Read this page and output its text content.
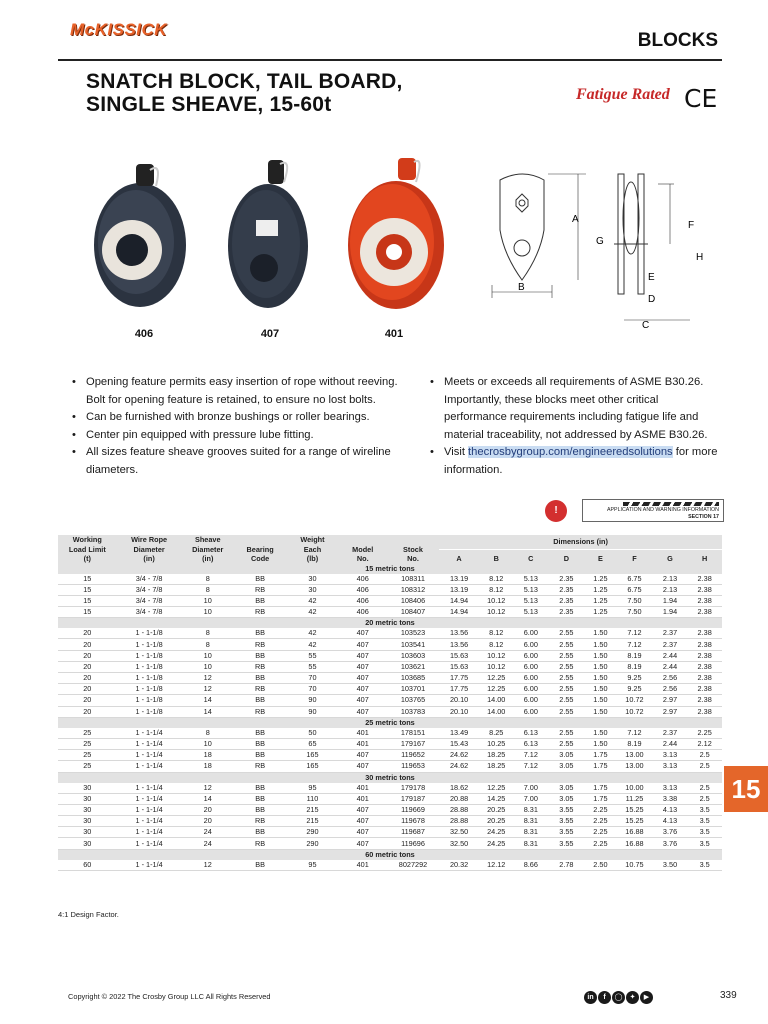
McKISSICK
BLOCKS
SNATCH BLOCK, TAIL BOARD,
SINGLE SHEAVE, 15-60t	Fatigue Rated CE
406	407	401
A
B
F
G
H
E
D
C
• Opening feature permits easy insertion of rope without reeving. Bolt for opening feature is retained, to ensure no lost bolts.
• Can be furnished with bronze bushings or roller bearings.
• Center pin equipped with pressure lube fitting.
• All sizes feature sheave grooves suited for a range of wireline diameters.
• Meets or exceeds all requirements of ASME B30.26. Importantly, these blocks meet other critical performance requirements including fatigue life and material traceability, not addressed by ASME B30.26.
• Visit thecrosbygroup.com/engineeredsolutions for more information.
!	APPLICATION AND WARNING INFORMATION
SECTION 17
Working
Load Limit
(t)	Wire Rope
Diameter
(in)	Sheave
Diameter
(in)	Bearing
Code	Weight
Each
(lb)	Model
No.	Stock
No.	Dimensions (in)							
							A	B	C	D	E	F	G	H
15 metric tons														
15	3/4 - 7/8	8	BB	30	406	108311	13.19	8.12	5.13	2.35	1.25	6.75	2.13	2.38
15	3/4 - 7/8	8	RB	30	406	108312	13.19	8.12	5.13	2.35	1.25	6.75	2.13	2.38
15	3/4 - 7/8	10	BB	42	406	108406	14.94	10.12	5.13	2.35	1.25	7.50	1.94	2.38
15	3/4 - 7/8	10	RB	42	406	108407	14.94	10.12	5.13	2.35	1.25	7.50	1.94	2.38
20 metric tons														
20	1 - 1-1/8	8	BB	42	407	103523	13.56	8.12	6.00	2.55	1.50	7.12	2.37	2.38
20	1 - 1-1/8	8	RB	42	407	103541	13.56	8.12	6.00	2.55	1.50	7.12	2.37	2.38
20	1 - 1-1/8	10	BB	55	407	103603	15.63	10.12	6.00	2.55	1.50	8.19	2.44	2.38
20	1 - 1-1/8	10	RB	55	407	103621	15.63	10.12	6.00	2.55	1.50	8.19	2.44	2.38
20	1 - 1-1/8	12	BB	70	407	103685	17.75	12.25	6.00	2.55	1.50	9.25	2.56	2.38
20	1 - 1-1/8	12	RB	70	407	103701	17.75	12.25	6.00	2.55	1.50	9.25	2.56	2.38
20	1 - 1-1/8	14	BB	90	407	103765	20.10	14.00	6.00	2.55	1.50	10.72	2.97	2.38
20	1 - 1-1/8	14	RB	90	407	103783	20.10	14.00	6.00	2.55	1.50	10.72	2.97	2.38
25 metric tons														
25	1 - 1-1/4	8	BB	50	401	178151	13.49	8.25	6.13	2.55	1.50	7.12	2.37	2.25
25	1 - 1-1/4	10	BB	65	401	179167	15.43	10.25	6.13	2.55	1.50	8.19	2.44	2.12
25	1 - 1-1/4	18	BB	165	407	119652	24.62	18.25	7.12	3.05	1.75	13.00	3.13	2.5
25	1 - 1-1/4	18	RB	165	407	119653	24.62	18.25	7.12	3.05	1.75	13.00	3.13	2.5
30 metric tons														
30	1 - 1-1/4	12	BB	95	401	179178	18.62	12.25	7.00	3.05	1.75	10.00	3.13	2.5
30	1 - 1-1/4	14	BB	110	401	179187	20.88	14.25	7.00	3.05	1.75	11.25	3.38	2.5
30	1 - 1-1/4	20	BB	215	407	119669	28.88	20.25	8.31	3.55	2.25	15.25	4.13	3.5
30	1 - 1-1/4	20	RB	215	407	119678	28.88	20.25	8.31	3.55	2.25	15.25	4.13	3.5
30	1 - 1-1/4	24	BB	290	407	119687	32.50	24.25	8.31	3.55	2.25	16.88	3.76	3.5
30	1 - 1-1/4	24	RB	290	407	119696	32.50	24.25	8.31	3.55	2.25	16.88	3.76	3.5
60 metric tons														
60	1 - 1-1/4	12	BB	95	401	8027292	20.32	12.12	8.66	2.78	2.50	10.75	3.50	3.5
4:1 Design Factor.
15
Copyright © 2022 The Crosby Group LLC All Rights Reserved	in f ◯ ✦ ▶	339
